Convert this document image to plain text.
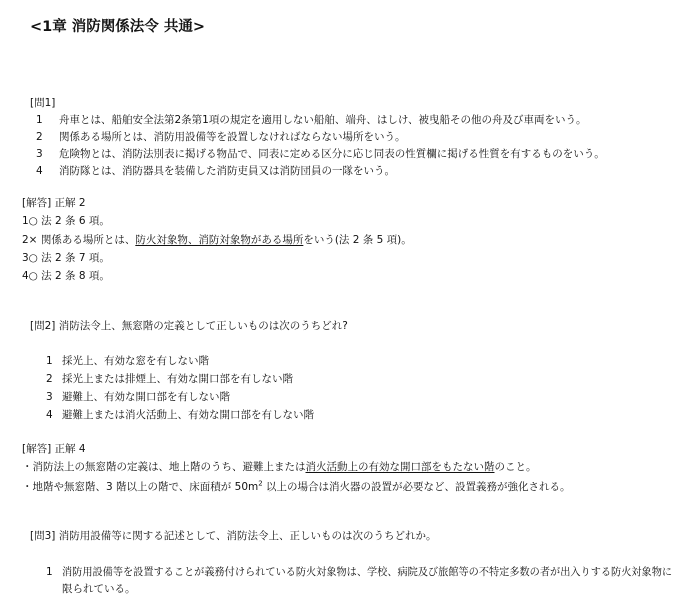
<1章 消防関係法令 共通>
[問1]
1 舟車とは、船舶安全法第2条第1項の規定を適用しない船舶、端舟、はしけ、被曳船その他の舟及び車両をいう。
2 関係ある場所とは、消防用設備等を設置しなければならない場所をいう。
3 危険物とは、消防法別表に掲げる物品で、同表に定める区分に応じ同表の性質欄に掲げる性質を有するものをいう。
4 消防隊とは、消防器具を装備した消防吏員又は消防団員の一隊をいう。
[解答] 正解 2
1○ 法 2 条 6 項。
2× 関係ある場所とは、防火対象物、消防対象物がある場所をいう(法 2 条 5 項)。
3○ 法 2 条 7 項。
4○ 法 2 条 8 項。
[問2] 消防法令上、無窓階の定義として正しいものは次のうちどれ?
1 採光上、有効な窓を有しない階
2 採光上または排煙上、有効な開口部を有しない階
3 避難上、有効な開口部を有しない階
4 避難上または消火活動上、有効な開口部を有しない階
[解答] 正解 4
・消防法上の無窓階の定義は、地上階のうち、避難上または消火活動上の有効な開口部をもたない階のこと。
・地階や無窓階、3 階以上の階で、床面積が $50m^2$ 以上の場合は消火器の設置が必要など、設置義務が強化される。
[問3] 消防用設備等に関する記述として、消防法令上、正しいものは次のうちどれか。
1 消防用設備等を設置することが義務付けられている防火対象物は、学校、病院及び旅館等の不特定多数の者が出入りする防火対象物に
限られている。
